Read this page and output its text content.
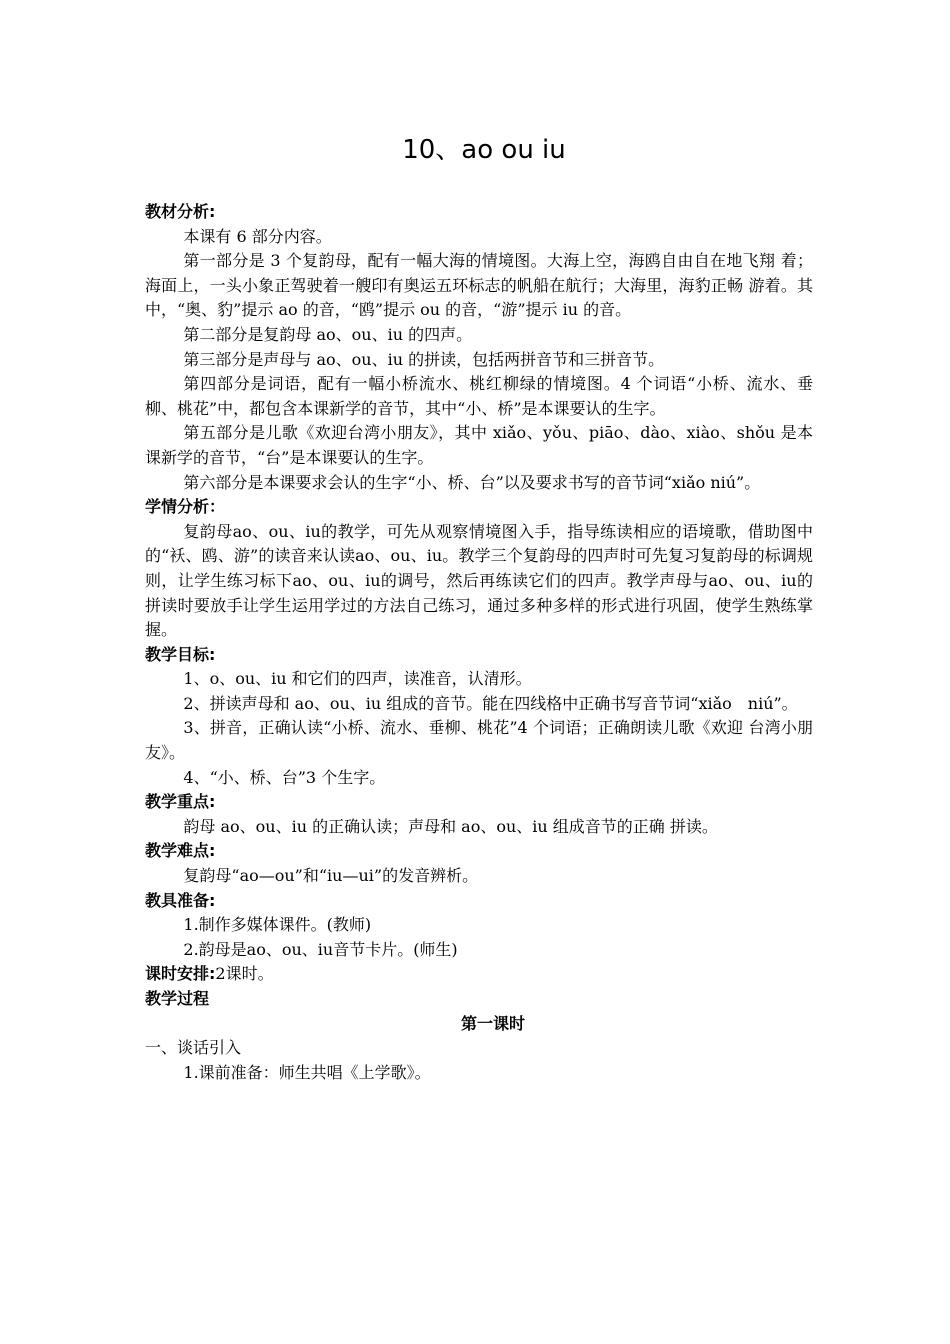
10、ao ou iu
教材分析:

本课有 6 部分内容。

第一部分是 3 个复韵母，配有一幅大海的情境图。大海上空，海鸥自由自在地飞翔 着；海面上，一头小象正驾驶着一艘印有奥运五环标志的帆船在航行；大海里，海豹正畅 游着。其中，“奥、豹”提示 ao 的音，“鸥”提示 ou 的音，“游”提示 iu 的音。

第二部分是复韵母 ao、ou、iu 的四声。

第三部分是声母与 ao、ou、iu 的拼读，包括两拼音节和三拼音节。

第四部分是词语，配有一幅小桥流水、桃红柳绿的情境图。4 个词语“小桥、流水、垂柳、桃花”中，都包含本课新学的音节，其中“小、桥”是本课要认的生字。

第五部分是儿歌《欢迎台湾小朋友》，其中 xiǎo、yǒu、piāo、dào、xiào、shǒu 是本课新学的音节，“台”是本课要认的生字。

第六部分是本课要求会认的生字“小、桥、台”以及要求书写的音节词“xiǎo niú”。

学情分析：

复韵母ao、ou、iu的教学，可先从观察情境图入手，指导练读相应的语境歌，借助图中的“袄、鸥、游”的读音来认读ao、ou、iu。教学三个复韵母的四声时可先复习复韵母的标调规则，让学生练习标下ao、ou、iu的调号，然后再练读它们的四声。教学声母与ao、ou、iu的拼读时要放手让学生运用学过的方法自己练习，通过多种多样的形式进行巩固，使学生熟练掌握。

教学目标:

1、o、ou、iu 和它们的四声，读准音，认清形。

2、拼读声母和 ao、ou、iu 组成的音节。能在四线格中正确书写音节词“xiǎo　niú”。

3、拼音，正确认读“小桥、流水、垂柳、桃花”4 个词语；正确朗读儿歌《欢迎 台湾小朋友》。

4、“小、桥、台”3 个生字。

教学重点:

韵母 ao、ou、iu 的正确认读；声母和 ao、ou、iu 组成音节的正确 拼读。

教学难点:

复韵母“ao—ou”和“iu—ui”的发音辨析。

教具准备:

1.制作多媒体课件。(教师)

2.韵母是ao、ou、iu音节卡片。(师生)

课时安排:2课时。
教学过程
第一课时
一、谈话引入

1.课前准备：师生共唱《上学歌》。
